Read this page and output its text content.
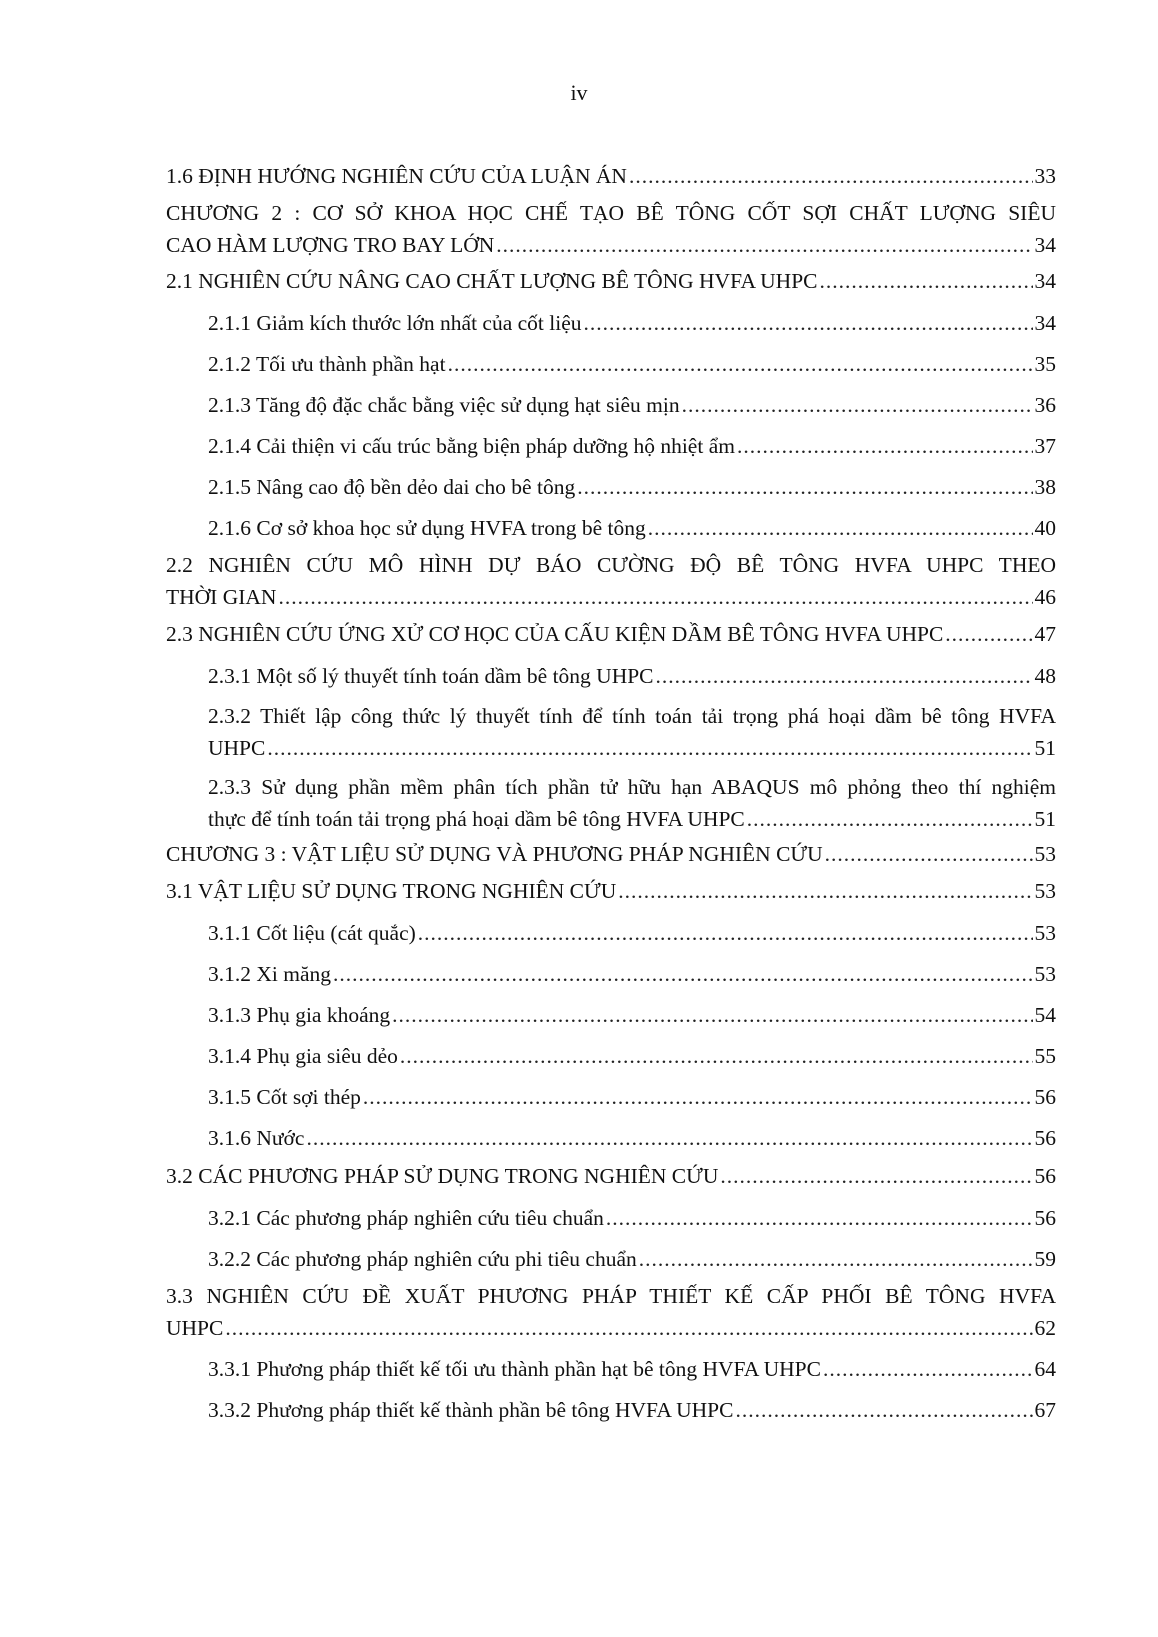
iv
1.6 ĐỊNH HƯỚNG NGHIÊN CỨU CỦA LUẬN ÁN .....	33
CHƯƠNG 2 : CƠ SỞ KHOA HỌC CHẾ TẠO BÊ TÔNG CỐT SỢI CHẤT LƯỢNG SIÊU
CAO HÀM LƯỢNG TRO BAY LỚN .....	34
2.1 NGHIÊN CỨU NÂNG CAO CHẤT LƯỢNG BÊ TÔNG HVFA UHPC .....	34
2.1.1 Giảm kích thước lớn nhất của cốt liệu .....	34
2.1.2 Tối ưu thành phần hạt .....	35
2.1.3 Tăng độ đặc chắc bằng việc sử dụng hạt siêu mịn .....	36
2.1.4 Cải thiện vi cấu trúc bằng biện pháp dưỡng hộ nhiệt ẩm .....	37
2.1.5 Nâng cao độ bền dẻo dai cho bê tông .....	38
2.1.6 Cơ sở khoa học sử dụng HVFA trong bê tông .....	40
2.2 NGHIÊN CỨU MÔ HÌNH DỰ BÁO CƯỜNG ĐỘ BÊ TÔNG HVFA UHPC THEO
THỜI GIAN .....	46
2.3 NGHIÊN CỨU ỨNG XỬ CƠ HỌC CỦA CẤU KIỆN DẦM BÊ TÔNG HVFA UHPC .....	47
2.3.1 Một số lý thuyết tính toán dầm bê tông UHPC .....	48
2.3.2 Thiết lập công thức lý thuyết tính để tính toán tải trọng phá hoại dầm bê tông HVFA
UHPC .....	51
2.3.3 Sử dụng phần mềm phân tích phần tử hữu hạn ABAQUS mô phỏng theo thí nghiệm
thực để tính toán tải trọng phá hoại dầm bê tông HVFA UHPC .....	51
CHƯƠNG 3 : VẬT LIỆU SỬ DỤNG VÀ PHƯƠNG PHÁP NGHIÊN CỨU .....	53
3.1 VẬT LIỆU SỬ DỤNG TRONG NGHIÊN CỨU .....	53
3.1.1 Cốt liệu (cát quắc) .....	53
3.1.2 Xi măng .....	53
3.1.3 Phụ gia khoáng .....	54
3.1.4 Phụ gia siêu dẻo .....	55
3.1.5 Cốt sợi thép .....	56
3.1.6 Nước .....	56
3.2 CÁC PHƯƠNG PHÁP SỬ DỤNG TRONG NGHIÊN CỨU .....	56
3.2.1 Các phương pháp nghiên cứu tiêu chuẩn .....	56
3.2.2 Các phương pháp nghiên cứu phi tiêu chuẩn .....	59
3.3 NGHIÊN CỨU ĐỀ XUẤT PHƯƠNG PHÁP THIẾT KẾ CẤP PHỐI BÊ TÔNG HVFA
UHPC .....	62
3.3.1 Phương pháp thiết kế tối ưu thành phần hạt bê tông HVFA UHPC .....	64
3.3.2 Phương pháp thiết kế thành phần bê tông HVFA UHPC .....	67
